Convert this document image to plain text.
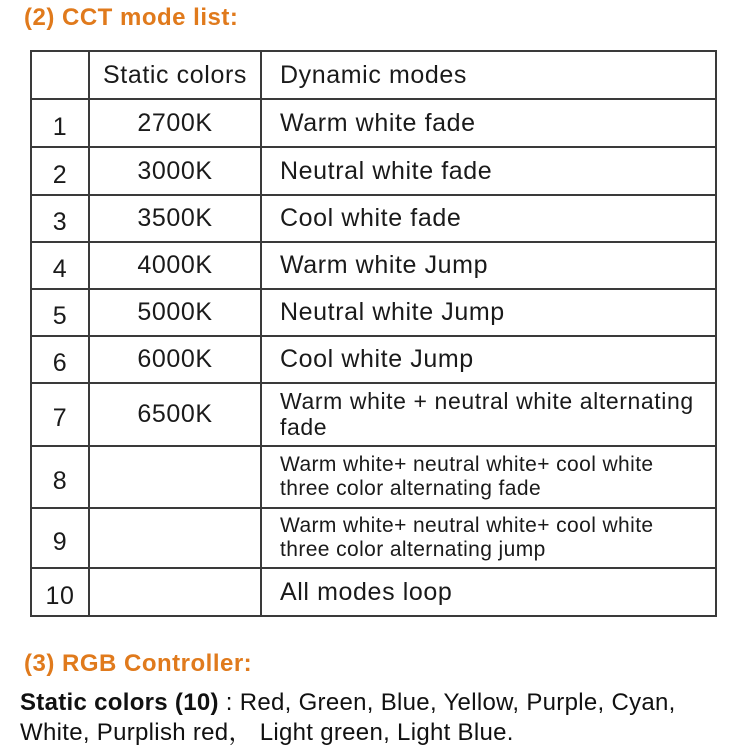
(2) CCT mode list:
	Static colors	Dynamic modes
1	2700K	Warm white fade
2	3000K	Neutral white fade
3	3500K	Cool white fade
4	4000K	Warm white Jump
5	5000K	Neutral white Jump
6	6000K	Cool white Jump
7	6500K	Warm white + neutral white alternating fade
8		Warm white+ neutral white+ cool white three color alternating fade
9		Warm white+ neutral white+ cool white three color alternating jump
10		All modes loop
(3) RGB Controller:
Static colors (10) : Red, Green, Blue, Yellow, Purple, Cyan, White, Purplish red， Light green, Light Blue.
